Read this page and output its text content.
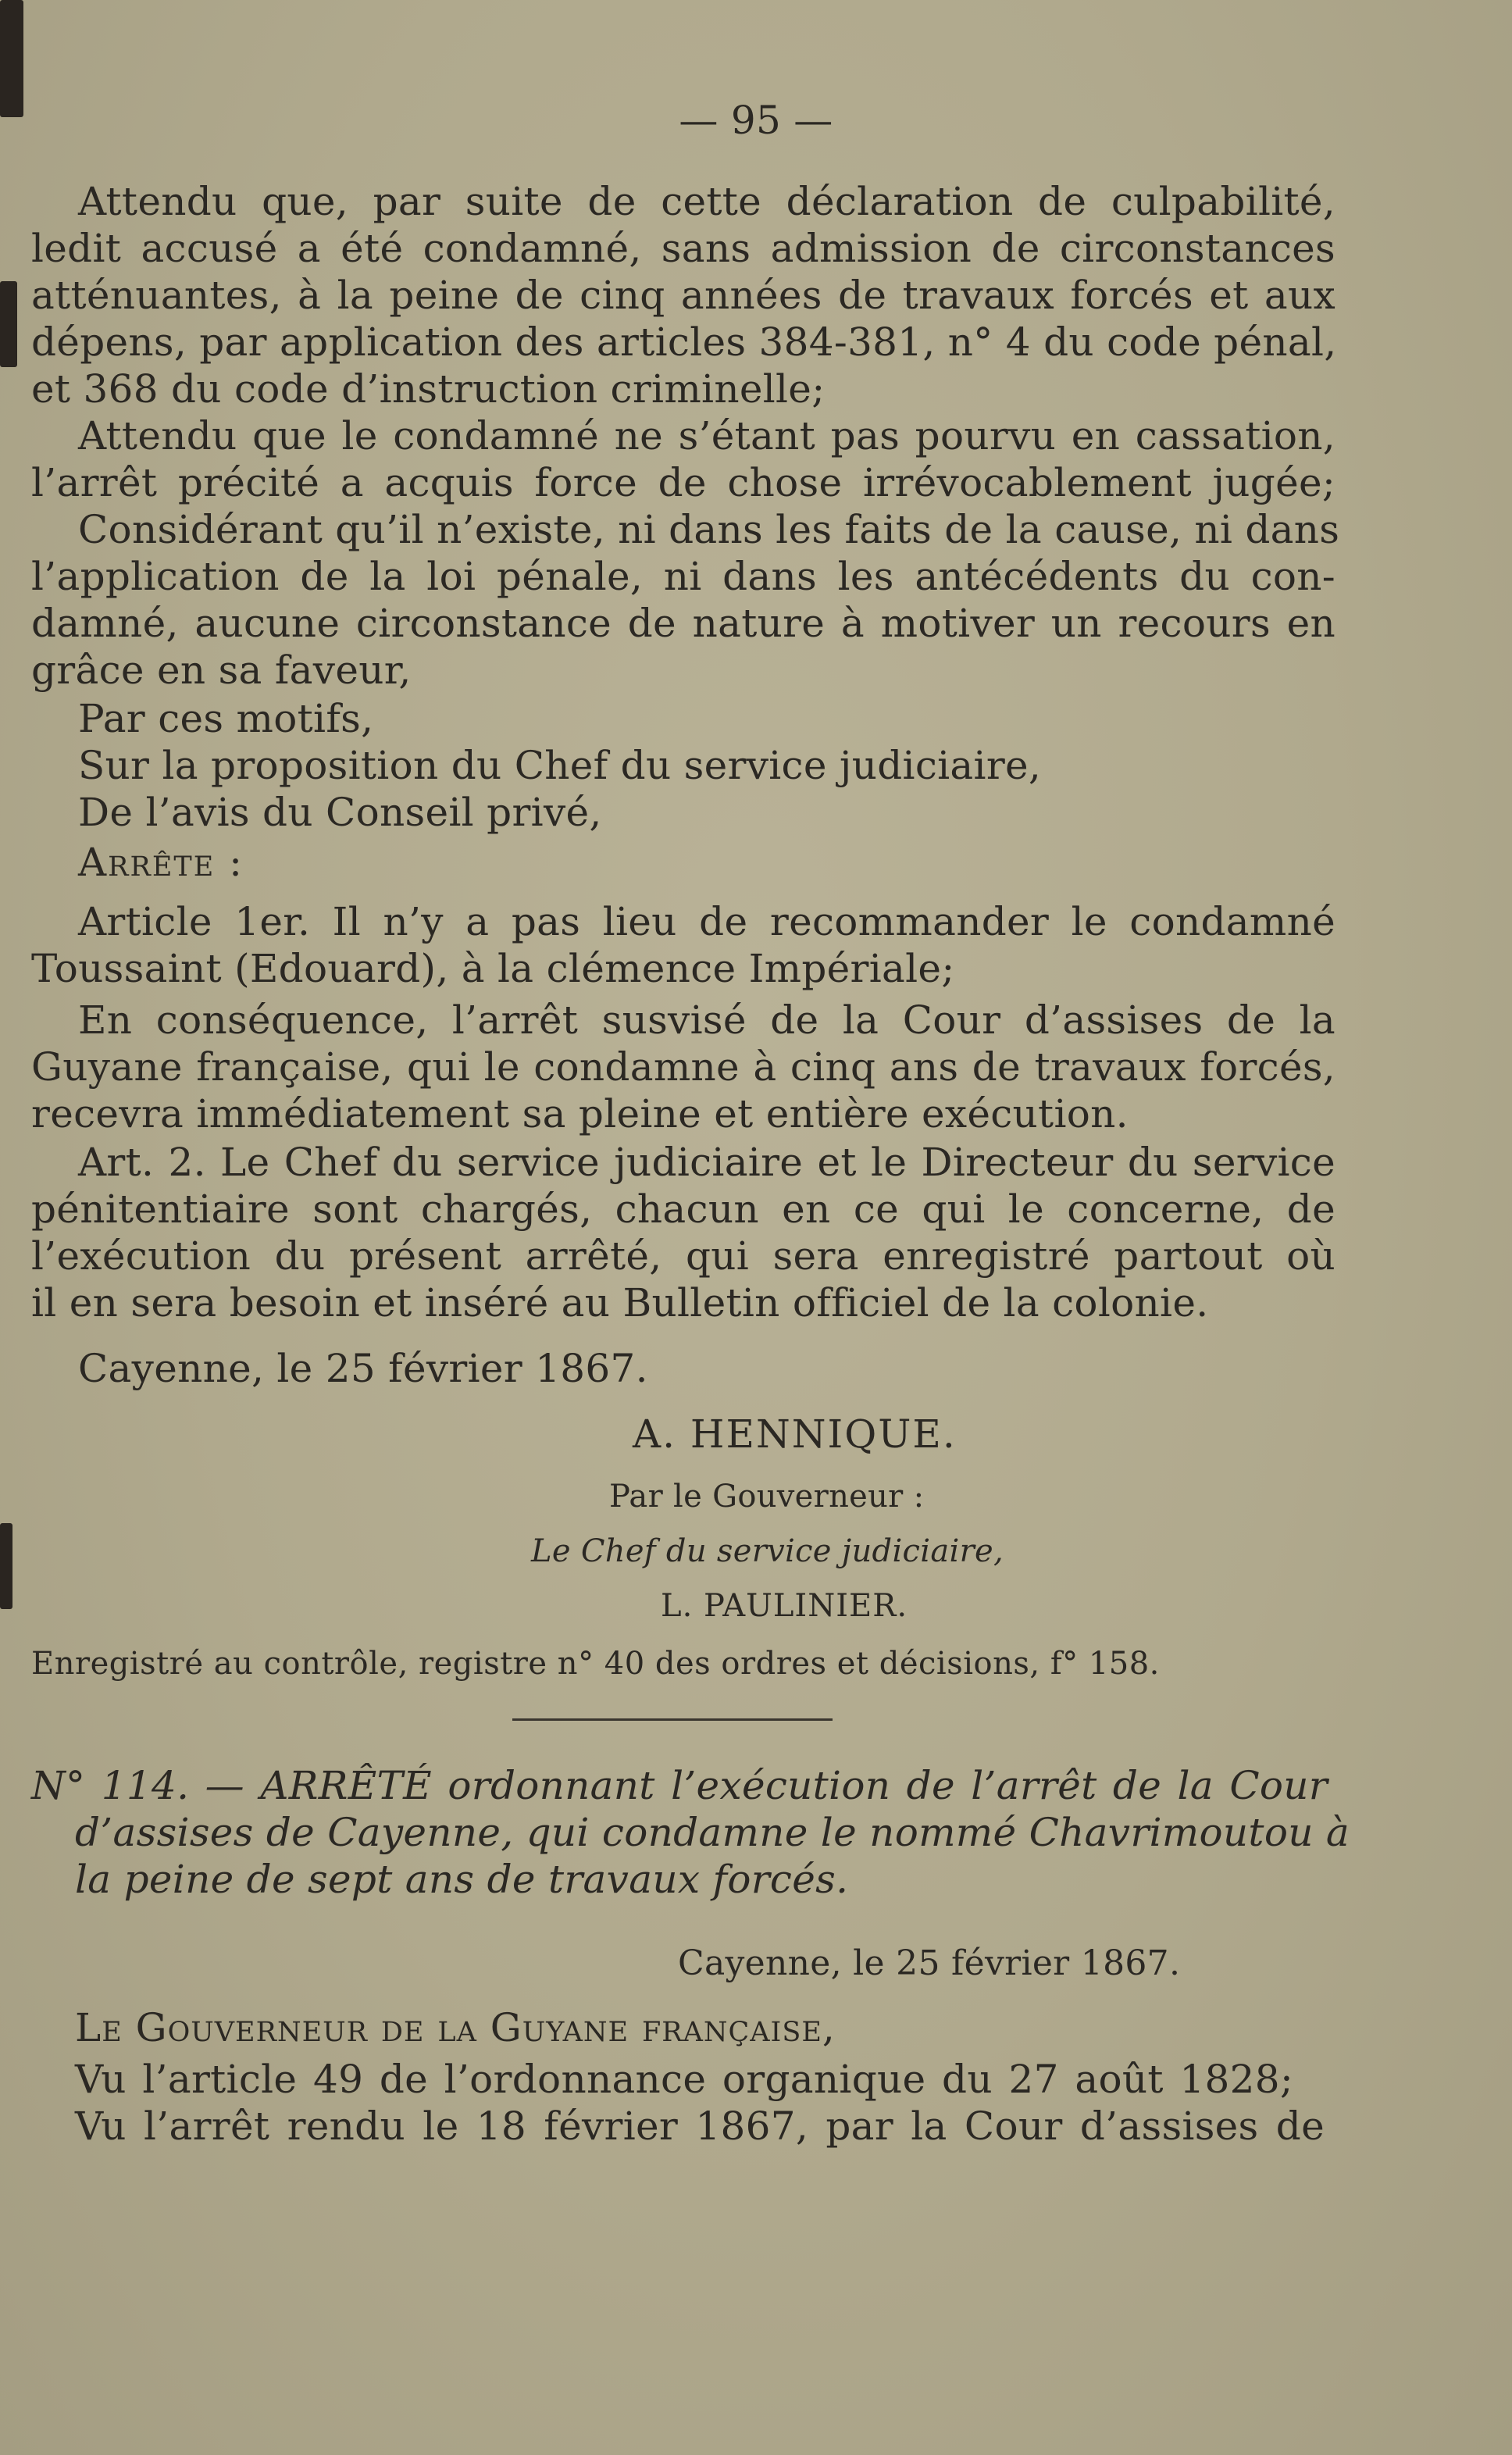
— 95 —
Attendu que, par suite de cette déclaration de culpabilité,
ledit accusé a été condamné, sans admission de circonstances
atténuantes, à la peine de cinq années de travaux forcés et aux
dépens, par application des articles 384-381, n° 4 du code pénal,
et 368 du code d’instruction criminelle;
Attendu que le condamné ne s’étant pas pourvu en cassation,
l’arrêt précité a acquis force de chose irrévocablement jugée;
Considérant qu’il n’existe, ni dans les faits de la cause, ni dans
l’application de la loi pénale, ni dans les antécédents du con-
damné, aucune circonstance de nature à motiver un recours en
grâce en sa faveur,
Par ces motifs,
Sur la proposition du Chef du service judiciaire,
De l’avis du Conseil privé,
Arrête :
Article 1er. Il n’y a pas lieu de recommander le condamné
Toussaint (Edouard), à la clémence Impériale;
En conséquence, l’arrêt susvisé de la Cour d’assises de la
Guyane française, qui le condamne à cinq ans de travaux forcés,
recevra immédiatement sa pleine et entière exécution.
Art. 2. Le Chef du service judiciaire et le Directeur du service
pénitentiaire sont chargés, chacun en ce qui le concerne, de
l’exécution du présent arrêté, qui sera enregistré partout où
il en sera besoin et inséré au Bulletin officiel de la colonie.
Cayenne, le 25 février 1867.
A. HENNIQUE.
Par le Gouverneur :
Le Chef du service judiciaire,
L. PAULINIER.
Enregistré au contrôle, registre n° 40 des ordres et décisions, f° 158.
N° 114. — ARRÊTÉ ordonnant l’exécution de l’arrêt de la Cour
d’assises de Cayenne, qui condamne le nommé Chavrimoutou à
la peine de sept ans de travaux forcés.
Cayenne, le 25 février 1867.
Le Gouverneur de la Guyane française,
Vu l’article 49 de l’ordonnance organique du 27 août 1828;
Vu l’arrêt rendu le 18 février 1867, par la Cour d’assises de
